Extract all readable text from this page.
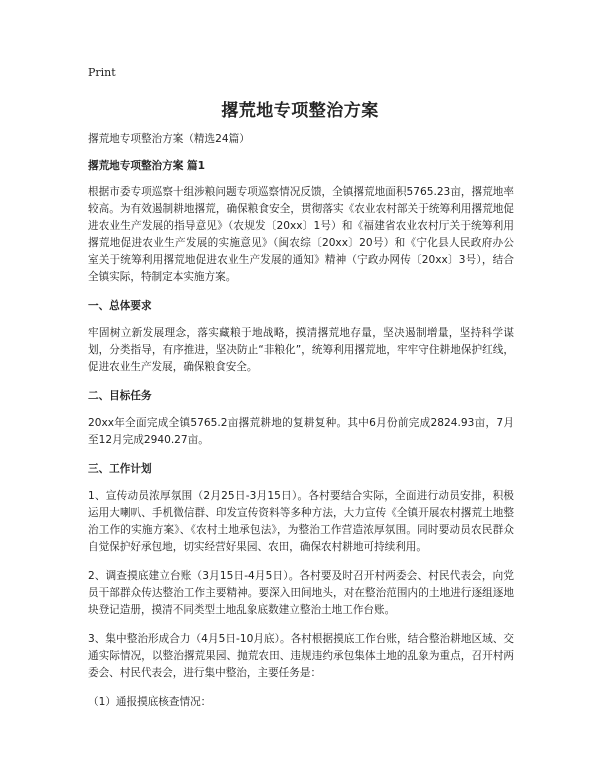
Print
撂荒地专项整治方案

撂荒地专项整治方案（精选24篇）

撂荒地专项整治方案 篇1

根据市委专项巡察十组涉粮问题专项巡察情况反馈，全镇撂荒地面积5765.23亩，撂荒地率较高。为有效遏制耕地撂荒，确保粮食安全，贯彻落实《农业农村部关于统筹利用撂荒地促进农业生产发展的指导意见》（农规发〔20xx〕1号）和《福建省农业农村厅关于统筹利用撂荒地促进农业生产发展的实施意见》（闽农综〔20xx〕20号）和《宁化县人民政府办公室关于统筹利用撂荒地促进农业生产发展的通知》精神（宁政办网传〔20xx〕3号），结合全镇实际，特制定本实施方案。

一、总体要求

牢固树立新发展理念，落实藏粮于地战略，摸清撂荒地存量，坚决遏制增量，坚持科学谋划，分类指导，有序推进，坚决防止“非粮化”，统筹利用撂荒地，牢牢守住耕地保护红线，促进农业生产发展，确保粮食安全。

二、目标任务

20xx年全面完成全镇5765.2亩撂荒耕地的复耕复种。其中6月份前完成2824.93亩，7月至12月完成2940.27亩。

三、工作计划

1、宣传动员浓厚氛围（2月25日-3月15日）。各村要结合实际，全面进行动员安排，积极运用大喇叭、手机微信群、印发宣传资料等多种方法，大力宣传《全镇开展农村撂荒土地整治工作的实施方案》、《农村土地承包法》，为整治工作营造浓厚氛围。同时要动员农民群众自觉保护好承包地，切实经营好果园、农田，确保农村耕地可持续利用。

2、调查摸底建立台账（3月15日-4月5日）。各村要及时召开村两委会、村民代表会，向党员干部群众传达整治工作主要精神。要深入田间地头，对在整治范围内的土地进行逐组逐地块登记造册，摸清不同类型土地乱象底数建立整治土地工作台账。

3、集中整治形成合力（4月5日-10月底）。各村根据摸底工作台账，结合整治耕地区域、交通实际情况，以整治撂荒果园、抛荒农田、违规违约承包集体土地的乱象为重点，召开村两委会、村民代表会，进行集中整治，主要任务是：

（1）通报摸底核查情况：
